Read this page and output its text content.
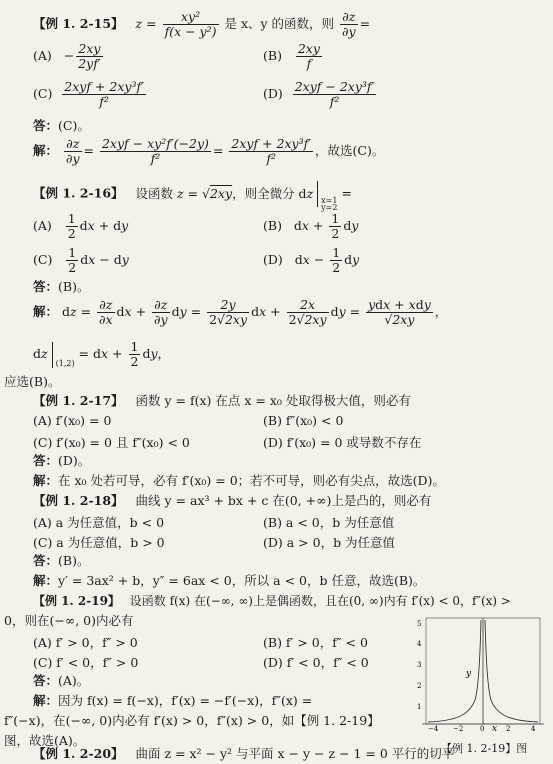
【例 1. 2-15】 $z = \frac{\text{xy²}}{\text{f(x − y²)}}$ 是 x、y 的函数，则 $\frac{\partial z}{\partial y}$ =
$(A) - \frac{2xy}{2yf'}$	$(B) \frac{2xy}{f}$
$(C) \frac{\text{2xyf + 2xy³f′}}{\text{f²}}$	$(D) \frac{\text{2xyf − 2xy³f′}}{\text{f²}}$
答：(C)。
解： $\frac{\partial z}{\partial y} = \frac{\text{2xyf − xy²f′(−2y)}}{\text{f²}} = \frac{\text{2xyf + 2xy³f′}}{\text{f²}}$ ，故选(C)。
【例 1. 2-16】 设函数 z = √2xy，则全微分 dz x=1
y=2 =
$(A) \frac{1}{2}$ dx + dy	(B)   dx + $\frac{1}{2}$ dy
$(C) \frac{1}{2}$ dx − dy	(D)   dx − $\frac{1}{2}$ dy
答：(B)。
解： dz = $\frac{\partial z}{\partial x}$ dx + $\frac{\partial z}{\partial y}$ dy = $\frac{2y}{2√2xy}$ dx + $\frac{2x}{2√2xy}$ dy = $\frac{\text{ydx + xdy}}{√2xy}$ ，
$dz_{(1,2)}$ = dx + $\frac{1}{2}$ dy，
应选(B)。
【例 1. 2-17】 函数 y = f(x) 在点 x = x₀ 处取得极大值，则必有
(A) f′(x₀) = 0	(B) f″(x₀) < 0
(C) f′(x₀) = 0 且 f″(x₀) < 0	(D) f′(x₀) = 0 或导数不存在
答：(D)。
解：在 x₀ 处若可导，必有 f′(x₀) = 0；若不可导，则必有尖点，故选(D)。
【例 1. 2-18】 曲线 y = ax³ + bx + c 在(0, +∞)上是凸的，则必有
(A) a 为任意值，b < 0	(B) a < 0，b 为任意值
(C) a 为任意值，b > 0	(D) a > 0，b 为任意值
答：(B)。
解：y′ = 3ax² + b，y″ = 6ax < 0，所以 a < 0，b 任意，故选(B)。
【例 1. 2-19】 设函数 f(x) 在(−∞, ∞)上是偶函数，且在(0, ∞)内有 f′(x) < 0，f″(x) >
0，则在(−∞, 0)内必有
(A) f′ > 0，f″ > 0	(B) f′ > 0，f″ < 0
(C) f′ < 0，f″ > 0	(D) f′ < 0，f″ < 0
答：(A)。
解：因为 f(x) = f(−x)，f′(x) = −f′(−x)，f″(x) =
f″(−x)，在(−∞, 0)内必有 f′(x) > 0，f″(x) > 0，如【例 1. 2-19】
图，故选(A)。
5
4
3
2
1
y
−4 −2 0	2	4
x
【例 1. 2-19】图
【例 1. 2-20】 曲面 z = x² − y² 与平面 x − y − z − 1 = 0 平行的切平
